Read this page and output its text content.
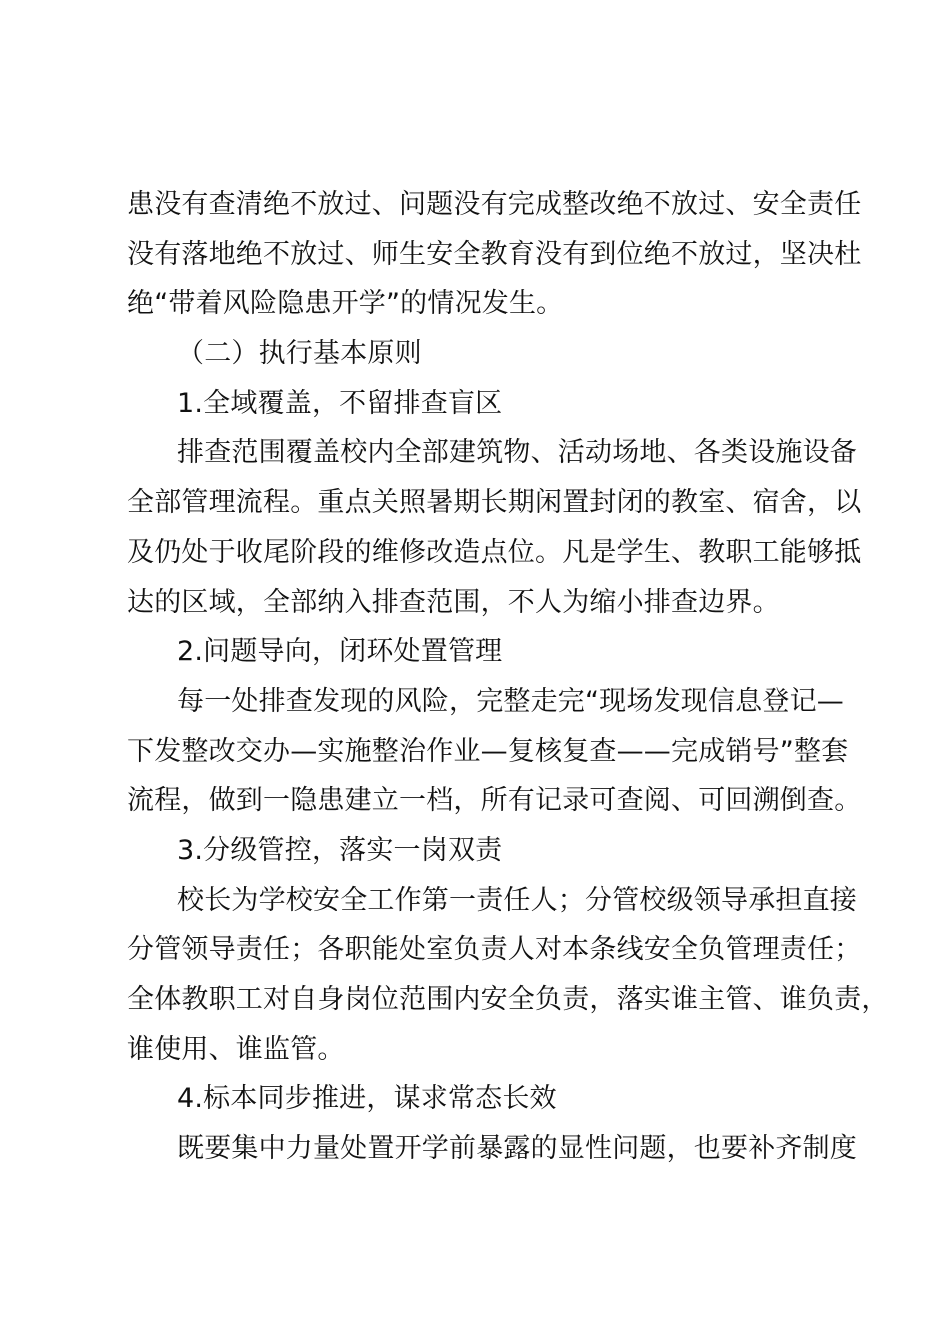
患没有查清绝不放过、问题没有完成整改绝不放过、安全责任
没有落地绝不放过、师生安全教育没有到位绝不放过，坚决杜
绝“带着风险隐患开学”的情况发生。
（二）执行基本原则
1.全域覆盖，不留排查盲区
排查范围覆盖校内全部建筑物、活动场地、各类设施设备
全部管理流程。重点关照暑期长期闲置封闭的教室、宿舍，以
及仍处于收尾阶段的维修改造点位。凡是学生、教职工能够抵
达的区域，全部纳入排查范围，不人为缩小排查边界。
2.问题导向，闭环处置管理
每一处排查发现的风险，完整走完“现场发现信息登记—
下发整改交办—实施整治作业—复核复查——完成销号”整套
流程，做到一隐患建立一档，所有记录可查阅、可回溯倒查。
3.分级管控，落实一岗双责
校长为学校安全工作第一责任人；分管校级领导承担直接
分管领导责任；各职能处室负责人对本条线安全负管理责任；
全体教职工对自身岗位范围内安全负责，落实谁主管、谁负责，
谁使用、谁监管。
4.标本同步推进，谋求常态长效
既要集中力量处置开学前暴露的显性问题，也要补齐制度
